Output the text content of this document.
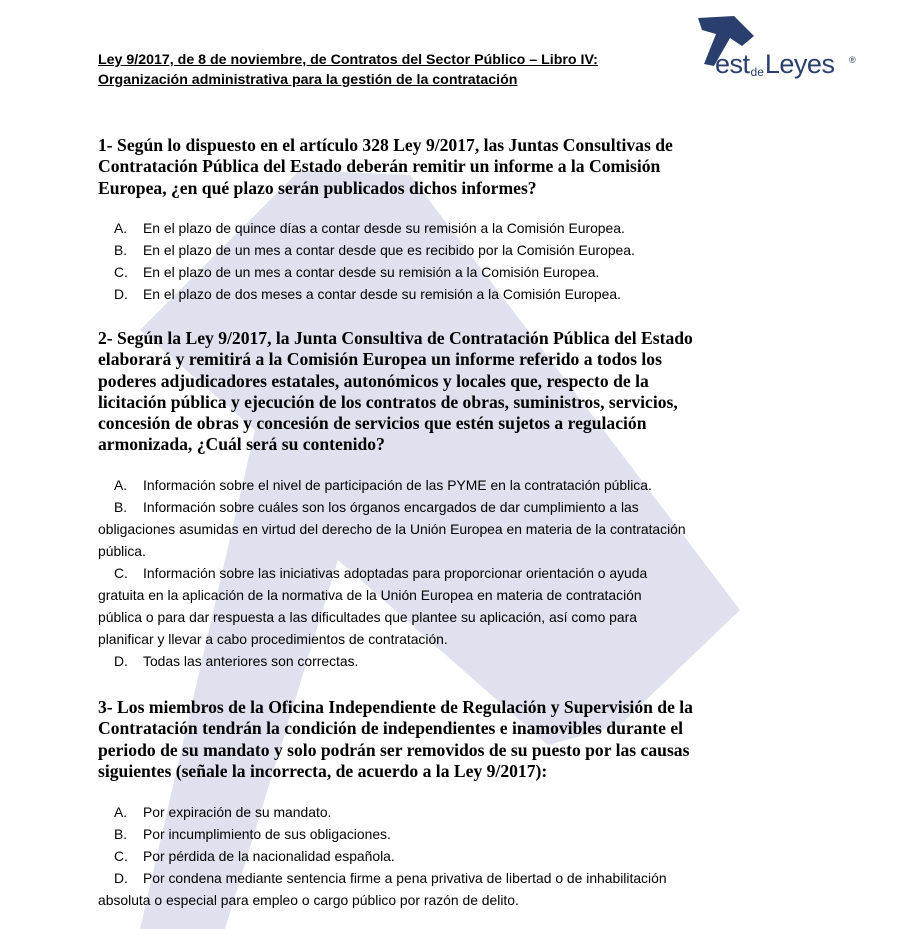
Ley 9/2017, de 8 de noviembre, de Contratos del Sector Público – Libro IV:
Organización administrativa para la gestión de la contratación
estdeLeyes ®
1- Según lo dispuesto en el artículo 328 Ley 9/2017, las Juntas Consultivas de
Contratación Pública del Estado deberán remitir un informe a la Comisión
Europea, ¿en qué plazo serán publicados dichos informes?
A. En el plazo de quince días a contar desde su remisión a la Comisión Europea.
B. En el plazo de un mes a contar desde que es recibido por la Comisión Europea.
C. En el plazo de un mes a contar desde su remisión a la Comisión Europea.
D. En el plazo de dos meses a contar desde su remisión a la Comisión Europea.
2- Según la Ley 9/2017, la Junta Consultiva de Contratación Pública del Estado
elaborará y remitirá a la Comisión Europea un informe referido a todos los
poderes adjudicadores estatales, autonómicos y locales que, respecto de la
licitación pública y ejecución de los contratos de obras, suministros, servicios,
concesión de obras y concesión de servicios que estén sujetos a regulación
armonizada, ¿Cuál será su contenido?
A. Información sobre el nivel de participación de las PYME en la contratación pública.
B. Información sobre cuáles son los órganos encargados de dar cumplimiento a las
obligaciones asumidas en virtud del derecho de la Unión Europea en materia de la contratación
pública.
C. Información sobre las iniciativas adoptadas para proporcionar orientación o ayuda
gratuita en la aplicación de la normativa de la Unión Europea en materia de contratación
pública o para dar respuesta a las dificultades que plantee su aplicación, así como para
planificar y llevar a cabo procedimientos de contratación.
D. Todas las anteriores son correctas.
3- Los miembros de la Oficina Independiente de Regulación y Supervisión de la
Contratación tendrán la condición de independientes e inamovibles durante el
periodo de su mandato y solo podrán ser removidos de su puesto por las causas
siguientes (señale la incorrecta, de acuerdo a la Ley 9/2017):
A. Por expiración de su mandato.
B. Por incumplimiento de sus obligaciones.
C. Por pérdida de la nacionalidad española.
D. Por condena mediante sentencia firme a pena privativa de libertad o de inhabilitación
absoluta o especial para empleo o cargo público por razón de delito.
